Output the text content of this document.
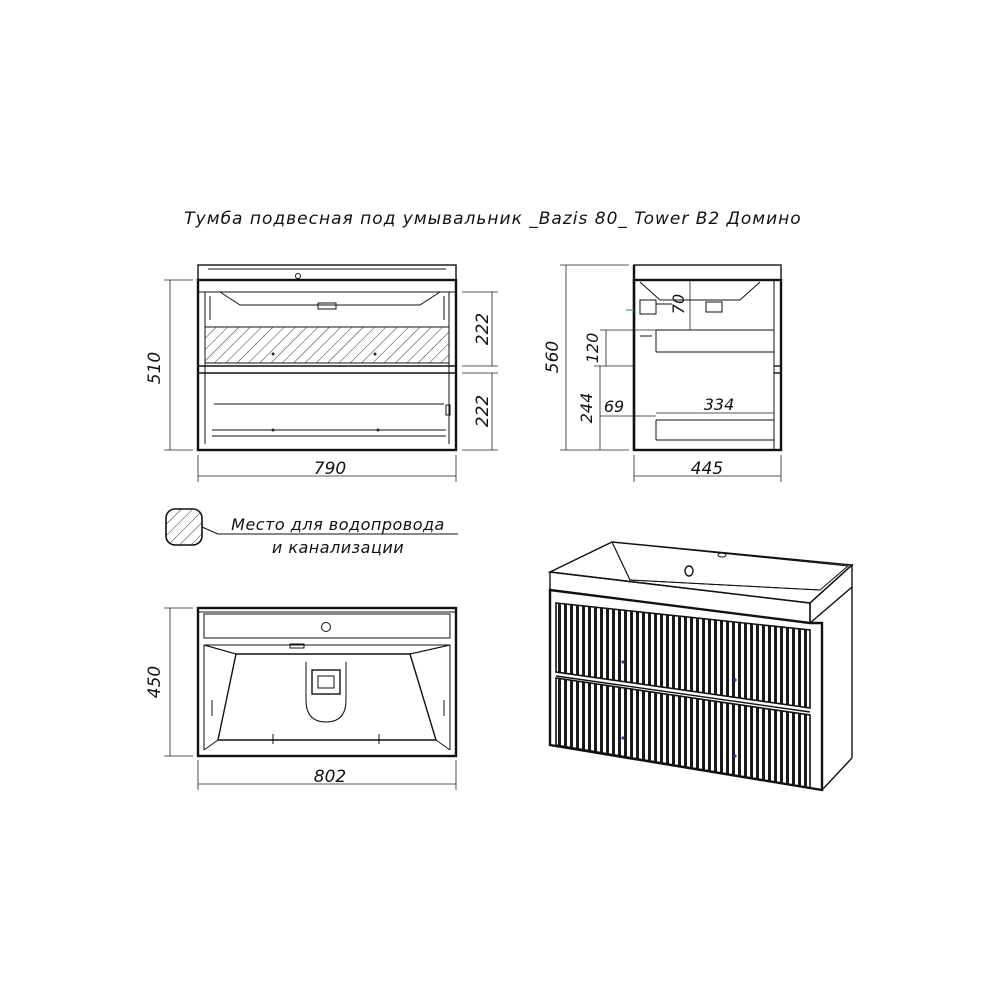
Тумба подвесная под умывальник _Bazis 80_ Tower В2 Домино
790
510
222
222
445
560
70
120
244 69	334
Место для водопровода
и канализации
802
450
